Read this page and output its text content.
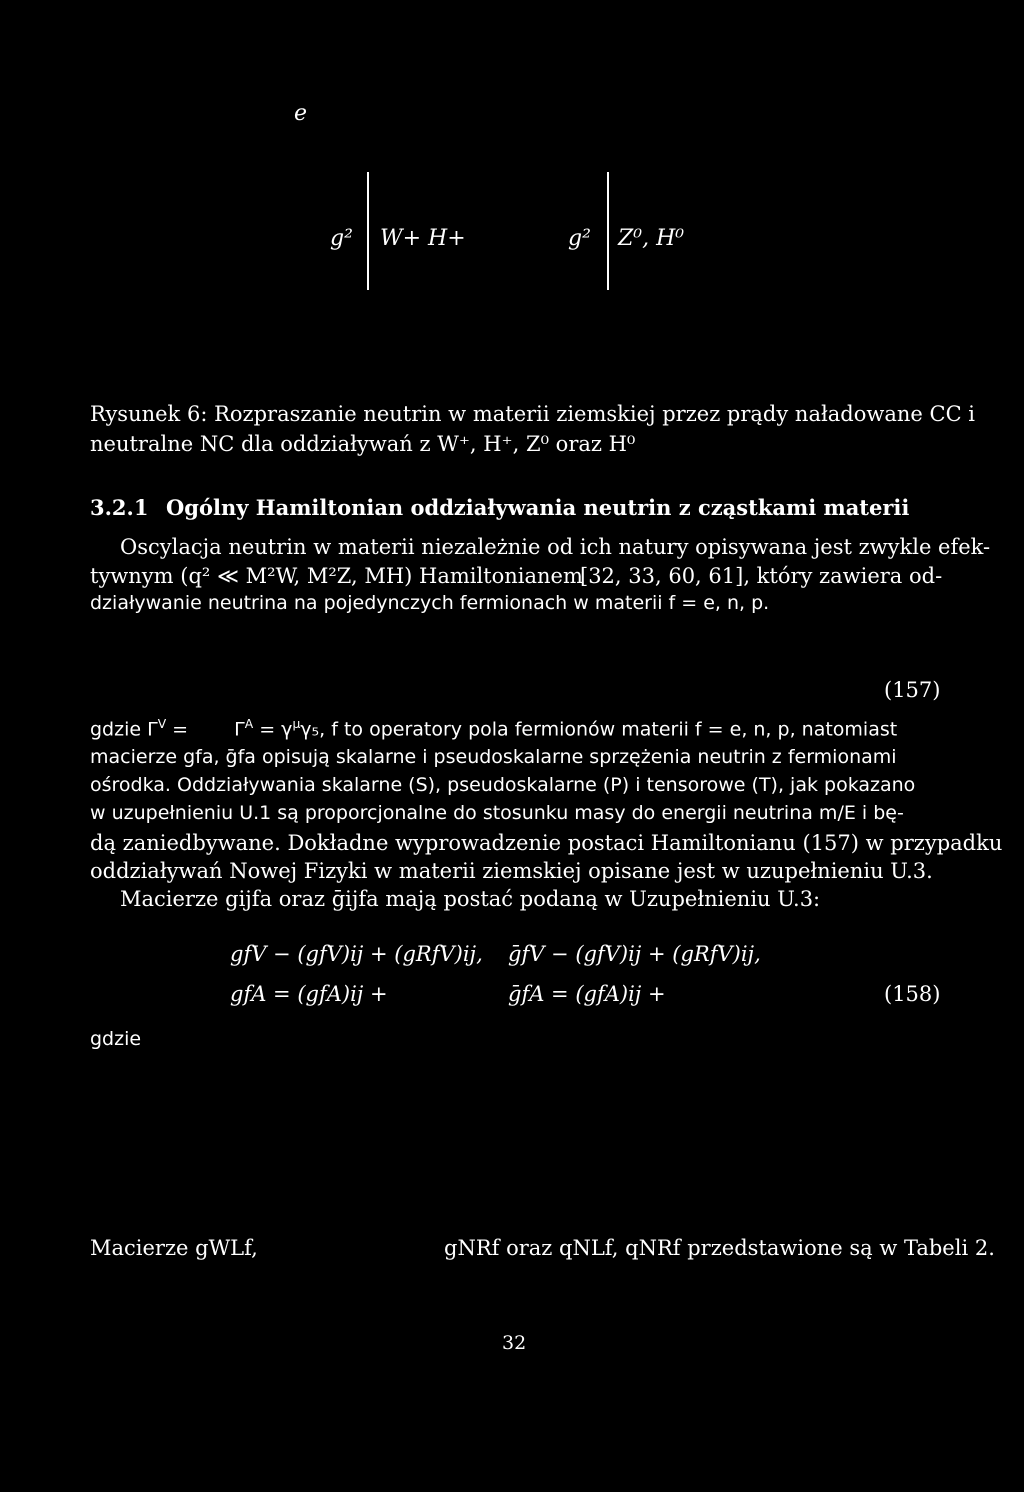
e
g² W+ H+	g² Z⁰, H⁰
Rysunek 6: Rozpraszanie neutrin w materii ziemskiej przez prądy naładowane CC i
neutralne NC dla oddziaływań z W⁺, H⁺, Z⁰ oraz H⁰
3.2.1 Ogólny Hamiltonian oddziaływania neutrin z cząstkami materii
Oscylacja neutrin w materii niezależnie od ich natury opisywana jest zwykle efek-
tywnym (q² ≪ M²W, M²Z, MH) Hamiltonianem
[32, 33, 60, 61], który zawiera od-
działywanie neutrina na pojedynczych fermionach w materii f = e, n, p.
(157)
gdzie $\Gamma^V = \Gamma^A = \gamma^\mu\gamma_5$, f to operatory pola fermionów materii f = e, n, p, natomiast
macierze gfa, ḡfa opisują skalarne i pseudoskalarne sprzężenia neutrin z fermionami
ośrodka. Oddziaływania skalarne (S), pseudoskalarne (P) i tensorowe (T), jak pokazano
w uzupełnieniu U.1 są proporcjonalne do stosunku masy do energii neutrina m/E i bę-
dą zaniedbywane. Dokładne wyprowadzenie postaci Hamiltonianu (157) w przypadku
oddziaływań Nowej Fizyki w materii ziemskiej opisane jest w uzupełnieniu U.3.
Macierze gijfa oraz ḡijfa mają postać podaną w Uzupełnieniu U.3:
gfV − (gfV)ij + (gRfV)ij, ḡfV − (gfV)ij + (gRfV)ij,
gfA = (gfA)ij +	ḡfA = (gfA)ij +	(158)
gdzie
Macierze gWLf,	gNRf oraz qNLf, qNRf przedstawione są w Tabeli 2.
32
